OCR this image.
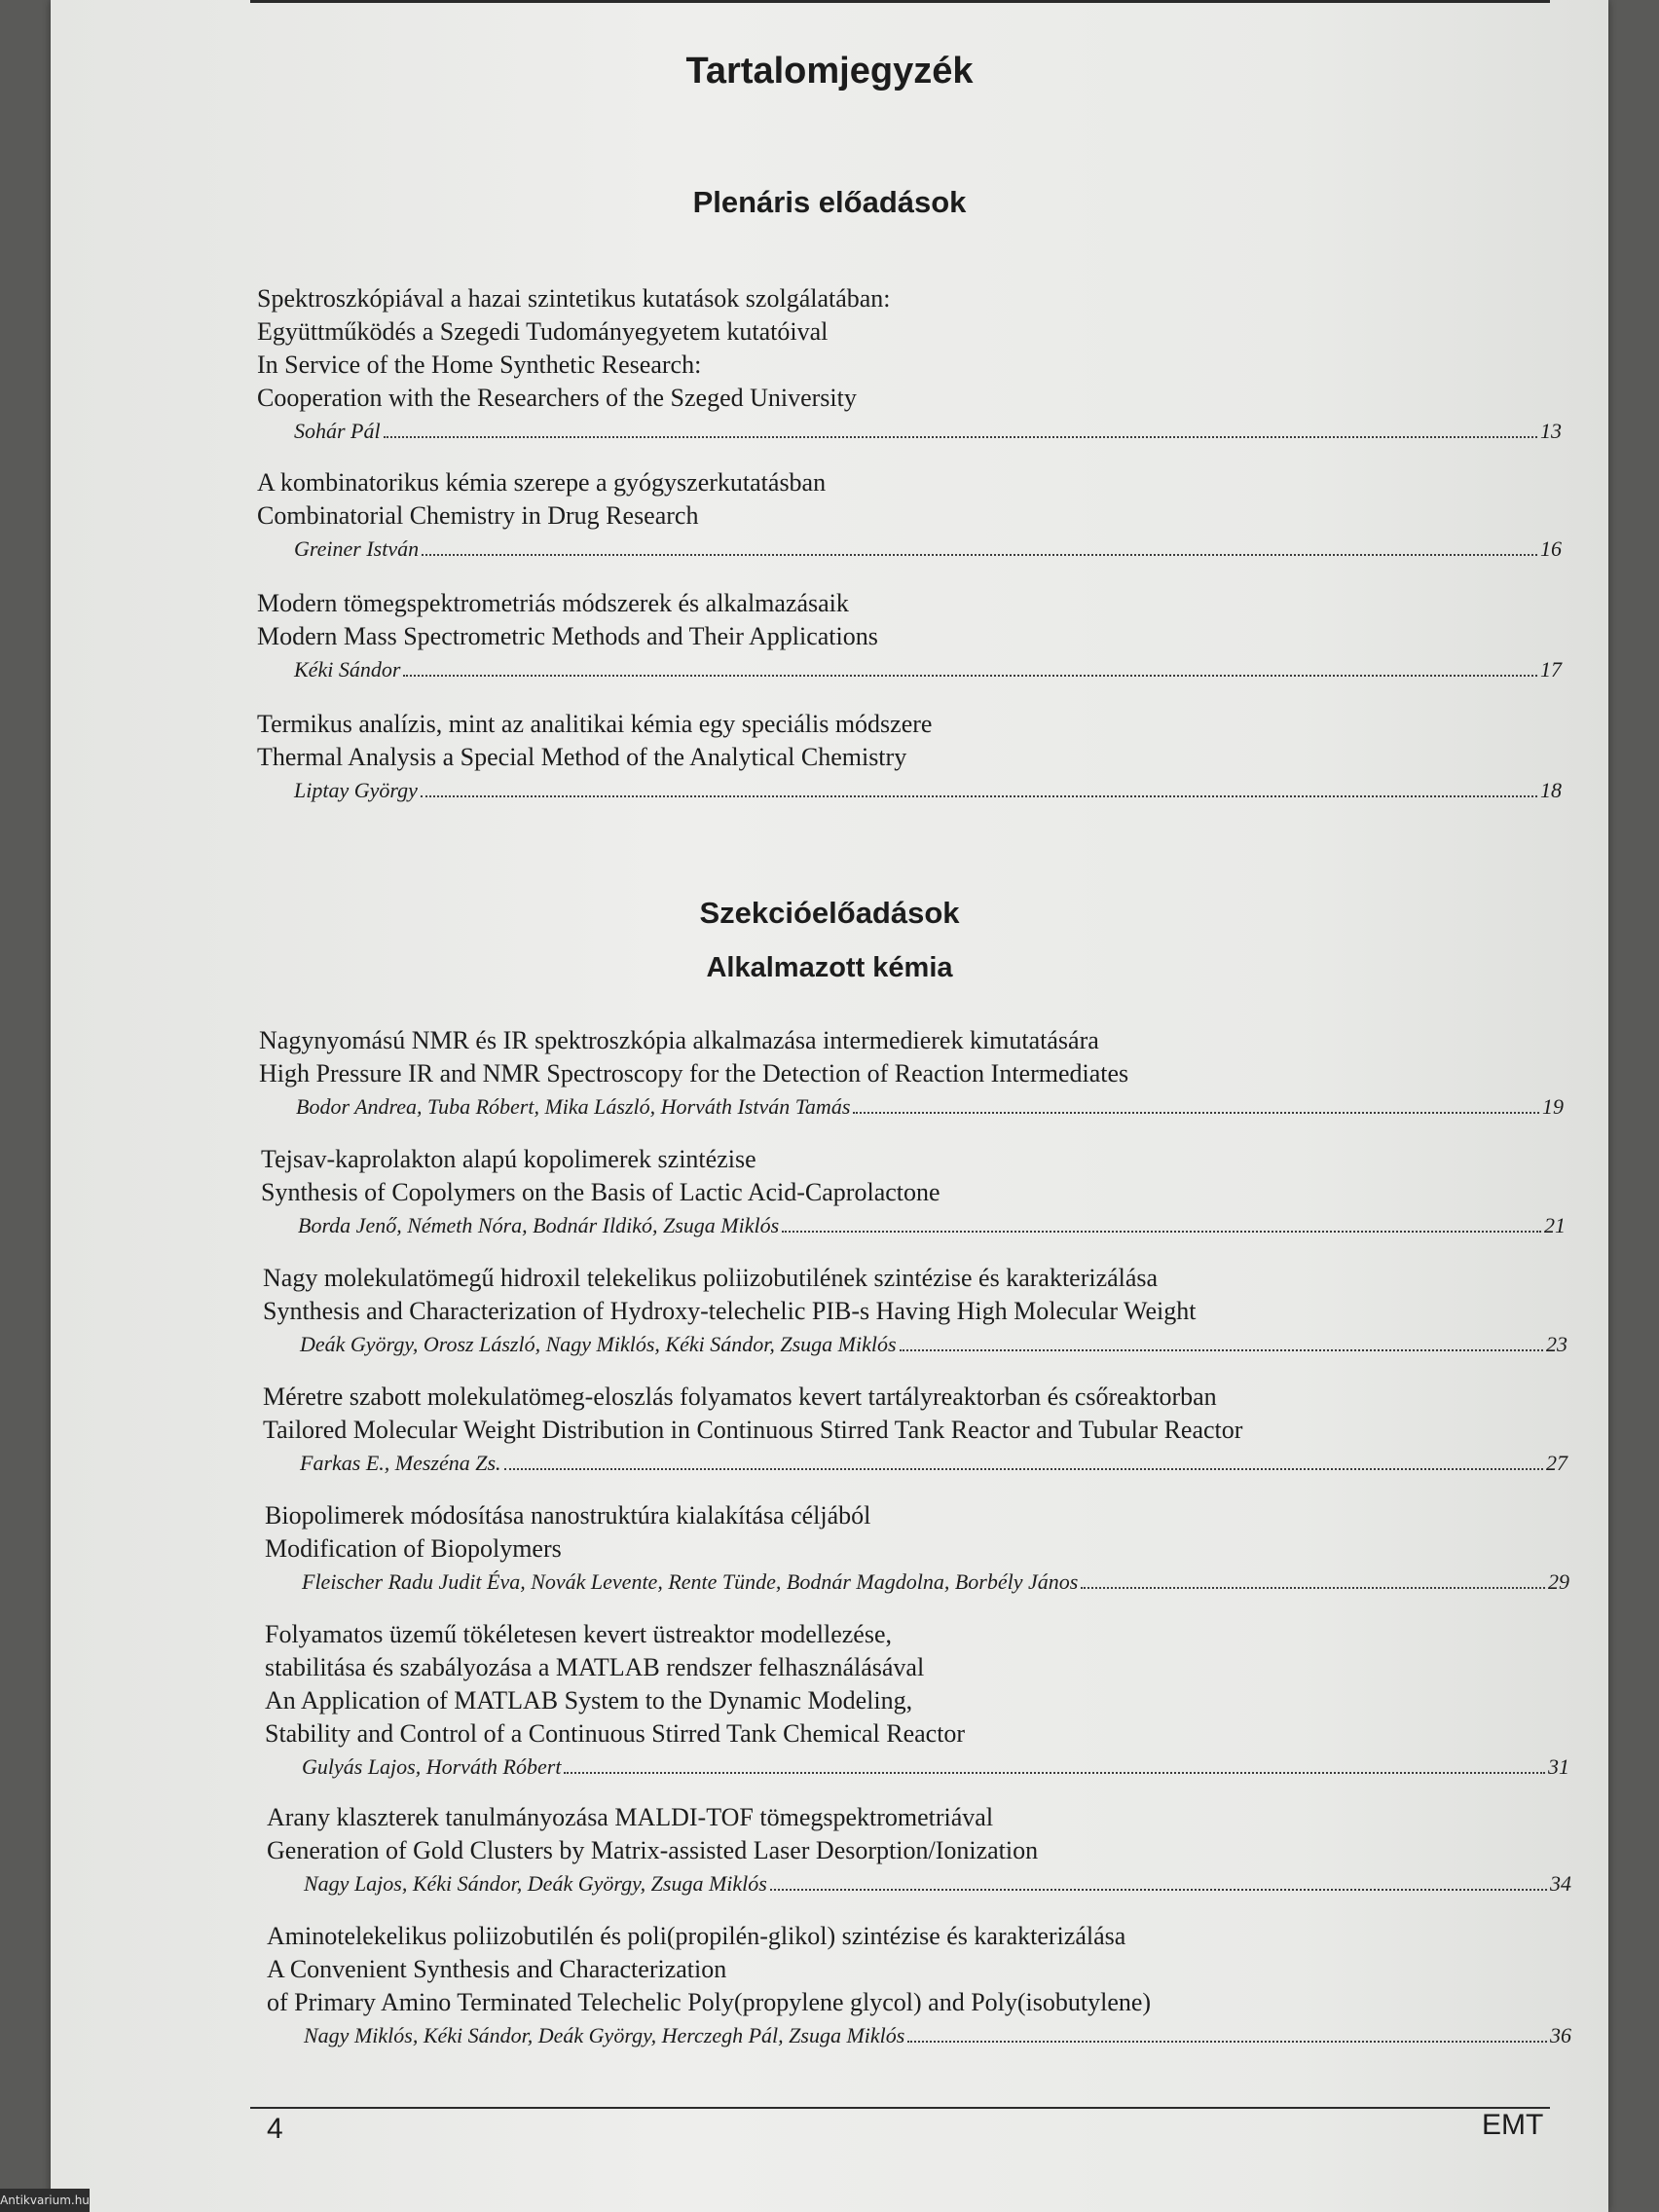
Tartalomjegyzék
Plenáris előadások
Spektroszkópiával a hazai szintetikus kutatások szolgálatában:
Együttműködés a Szegedi Tudományegyetem kutatóival
In Service of the Home Synthetic Research:
Cooperation with the Researchers of the Szeged University
Sohár Pál	13
A kombinatorikus kémia szerepe a gyógyszerkutatásban
Combinatorial Chemistry in Drug Research
Greiner István	16
Modern tömegspektrometriás módszerek és alkalmazásaik
Modern Mass Spectrometric Methods and Their Applications
Kéki Sándor	17
Termikus analízis, mint az analitikai kémia egy speciális módszere
Thermal Analysis a Special Method of the Analytical Chemistry
Liptay György	18
Szekcióelőadások
Alkalmazott kémia
Nagynyomású NMR és IR spektroszkópia alkalmazása intermedierek kimutatására
High Pressure IR and NMR Spectroscopy for the Detection of Reaction Intermediates
Bodor Andrea, Tuba Róbert, Mika László, Horváth István Tamás	19
Tejsav-kaprolakton alapú kopolimerek szintézise
Synthesis of Copolymers on the Basis of Lactic Acid-Caprolactone
Borda Jenő, Németh Nóra, Bodnár Ildikó, Zsuga Miklós	21
Nagy molekulatömegű hidroxil telekelikus poliizobutilének szintézise és karakterizálása
Synthesis and Characterization of Hydroxy-telechelic PIB-s Having High Molecular Weight
Deák György, Orosz László, Nagy Miklós, Kéki Sándor, Zsuga Miklós	23
Méretre szabott molekulatömeg-eloszlás folyamatos kevert tartályreaktorban és csőreaktorban
Tailored Molecular Weight Distribution in Continuous Stirred Tank Reactor and Tubular Reactor
Farkas E., Meszéna Zs.	27
Biopolimerek módosítása nanostruktúra kialakítása céljából
Modification of Biopolymers
Fleischer Radu Judit Éva, Novák Levente, Rente Tünde, Bodnár Magdolna, Borbély János	29
Folyamatos üzemű tökéletesen kevert üstreaktor modellezése,
stabilitása és szabályozása a MATLAB rendszer felhasználásával
An Application of MATLAB System to the Dynamic Modeling,
Stability and Control of a Continuous Stirred Tank Chemical Reactor
Gulyás Lajos, Horváth Róbert	31
Arany klaszterek tanulmányozása MALDI-TOF tömegspektrometriával
Generation of Gold Clusters by Matrix-assisted Laser Desorption/Ionization
Nagy Lajos, Kéki Sándor, Deák György, Zsuga Miklós	34
Aminotelekelikus poliizobutilén és poli(propilén-glikol) szintézise és karakterizálása
A Convenient Synthesis and Characterization
of Primary Amino Terminated Telechelic Poly(propylene glycol) and Poly(isobutylene)
Nagy Miklós, Kéki Sándor, Deák György, Herczegh Pál, Zsuga Miklós	36

4	EMT

Antikvarium.hu
